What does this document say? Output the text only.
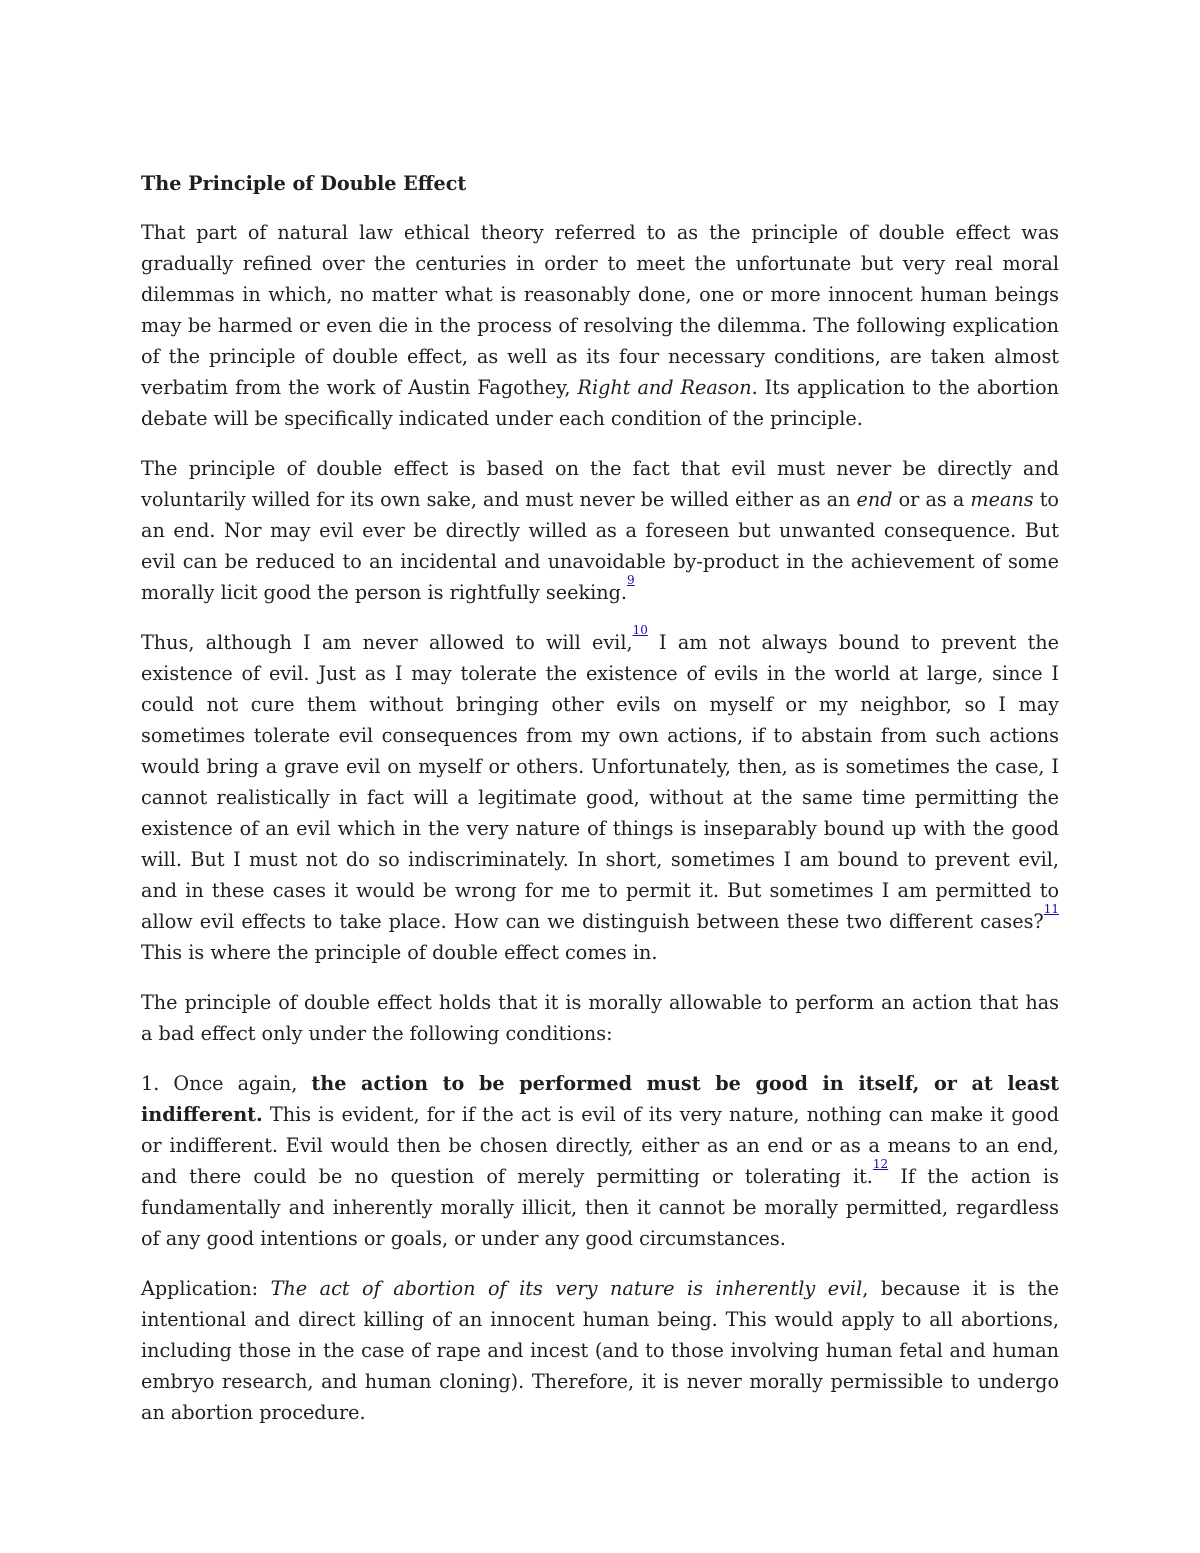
The Principle of Double Effect

That part of natural law ethical theory referred to as the principle of double effect was gradually refined over the centuries in order to meet the unfortunate but very real moral dilemmas in which, no matter what is reasonably done, one or more innocent human beings may be harmed or even die in the process of resolving the dilemma. The following explication of the principle of double effect, as well as its four necessary conditions, are taken almost verbatim from the work of Austin Fagothey, Right and Reason. Its application to the abortion debate will be specifically indicated under each condition of the principle.

The principle of double effect is based on the fact that evil must never be directly and voluntarily willed for its own sake, and must never be willed either as an end or as a means to an end. Nor may evil ever be directly willed as a foreseen but unwanted consequence. But evil can be reduced to an incidental and unavoidable by-product in the achievement of some morally licit good the person is rightfully seeking.$^9$

Thus, although I am never allowed to will evil,$^{10}$ I am not always bound to prevent the existence of evil. Just as I may tolerate the existence of evils in the world at large, since I could not cure them without bringing other evils on myself or my neighbor, so I may sometimes tolerate evil consequences from my own actions, if to abstain from such actions would bring a grave evil on myself or others. Unfortunately, then, as is sometimes the case, I cannot realistically in fact will a legitimate good, without at the same time permitting the existence of an evil which in the very nature of things is inseparably bound up with the good will. But I must not do so indiscriminately. In short, sometimes I am bound to prevent evil, and in these cases it would be wrong for me to permit it. But sometimes I am permitted to allow evil effects to take place. How can we distinguish between these two different cases?$^{11}$ This is where the principle of double effect comes in.

The principle of double effect holds that it is morally allowable to perform an action that has a bad effect only under the following conditions:

1. Once again, the action to be performed must be good in itself, or at least indifferent. This is evident, for if the act is evil of its very nature, nothing can make it good or indifferent. Evil would then be chosen directly, either as an end or as a means to an end, and there could be no question of merely permitting or tolerating it.$^{12}$ If the action is fundamentally and inherently morally illicit, then it cannot be morally permitted, regardless of any good intentions or goals, or under any good circumstances.

Application: The act of abortion of its very nature is inherently evil, because it is the intentional and direct killing of an innocent human being. This would apply to all abortions, including those in the case of rape and incest (and to those involving human fetal and human embryo research, and human cloning). Therefore, it is never morally permissible to undergo an abortion procedure.
